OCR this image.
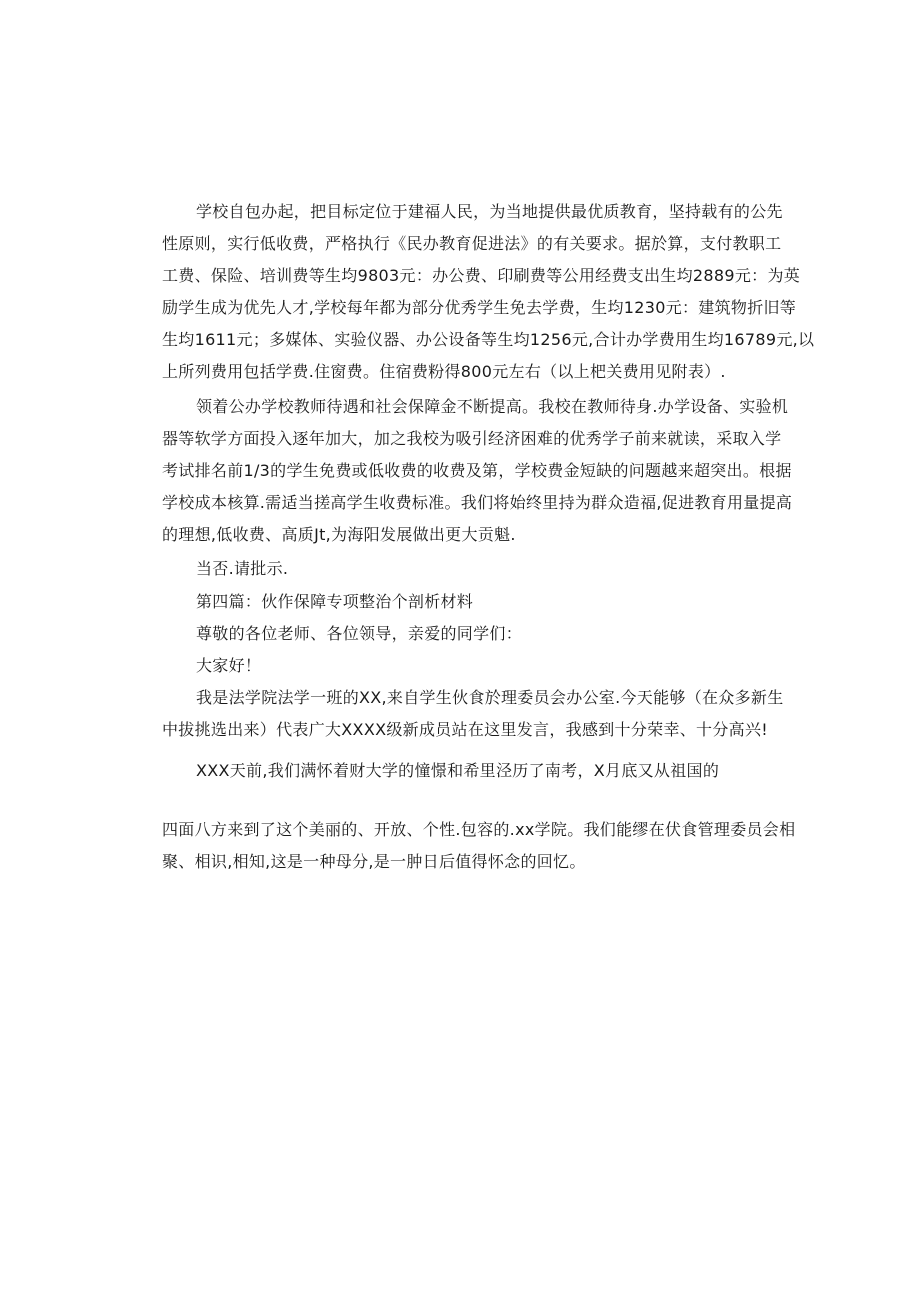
学校自包办起，把目标定位于建福人民，为当地提供最优质教育，坚持载有的公先
性原则，实行低收费，严格执行《民办教育促进法》的有关要求。据於算，支付教职工
工费、保险、培训费等生均9803元：办公费、印刷费等公用经费支出生均2889元：为英
励学生成为优先人才,学校每年都为部分优秀学生免去学费，生均1230元：建筑物折旧等
生均1611元；多媒体、实验仪器、办公设备等生均1256元,合计办学费用生均16789元,以
上所列费用包括学费.住窗费。住宿费粉得800元左右（以上杷关费用见附表）.
领着公办学校教师待遇和社会保障金不断提高。我校在教师待身.办学设备、实验机
器等软学方面投入逐年加大，加之我校为吸引经济困难的优秀学子前来就读，采取入学
考试排名前1/3的学生免费或低收费的收费及第，学校费金短缺的问题越来超突出。根据
学校成本核算.需适当搓高学生收费标准。我们将始终里持为群众造福,促进教育用量提高
的理想,低收费、高质Jt,为海阳发展做出更大贡魁.
当否.请批示.
第四篇：伙作保障专项整治个剖析材料
尊敬的各位老师、各位领导，亲爱的同学们：
大家好！
我是法学院法学一班的XX,来自学生伙食於理委员会办公室.今天能够（在众多新生
中拔挑选出来）代表广大XXXX级新成员站在这里发言，我感到十分荣幸、十分高兴!
XXX天前,我们满怀着财大学的憧憬和希里泾历了南考，X月底又从祖国的
四面八方来到了这个美丽的、开放、个性.包容的.xx学院。我们能缪在伏食管理委员会相
聚、相识,相知,这是一种母分,是一肿日后值得怀念的回忆。
